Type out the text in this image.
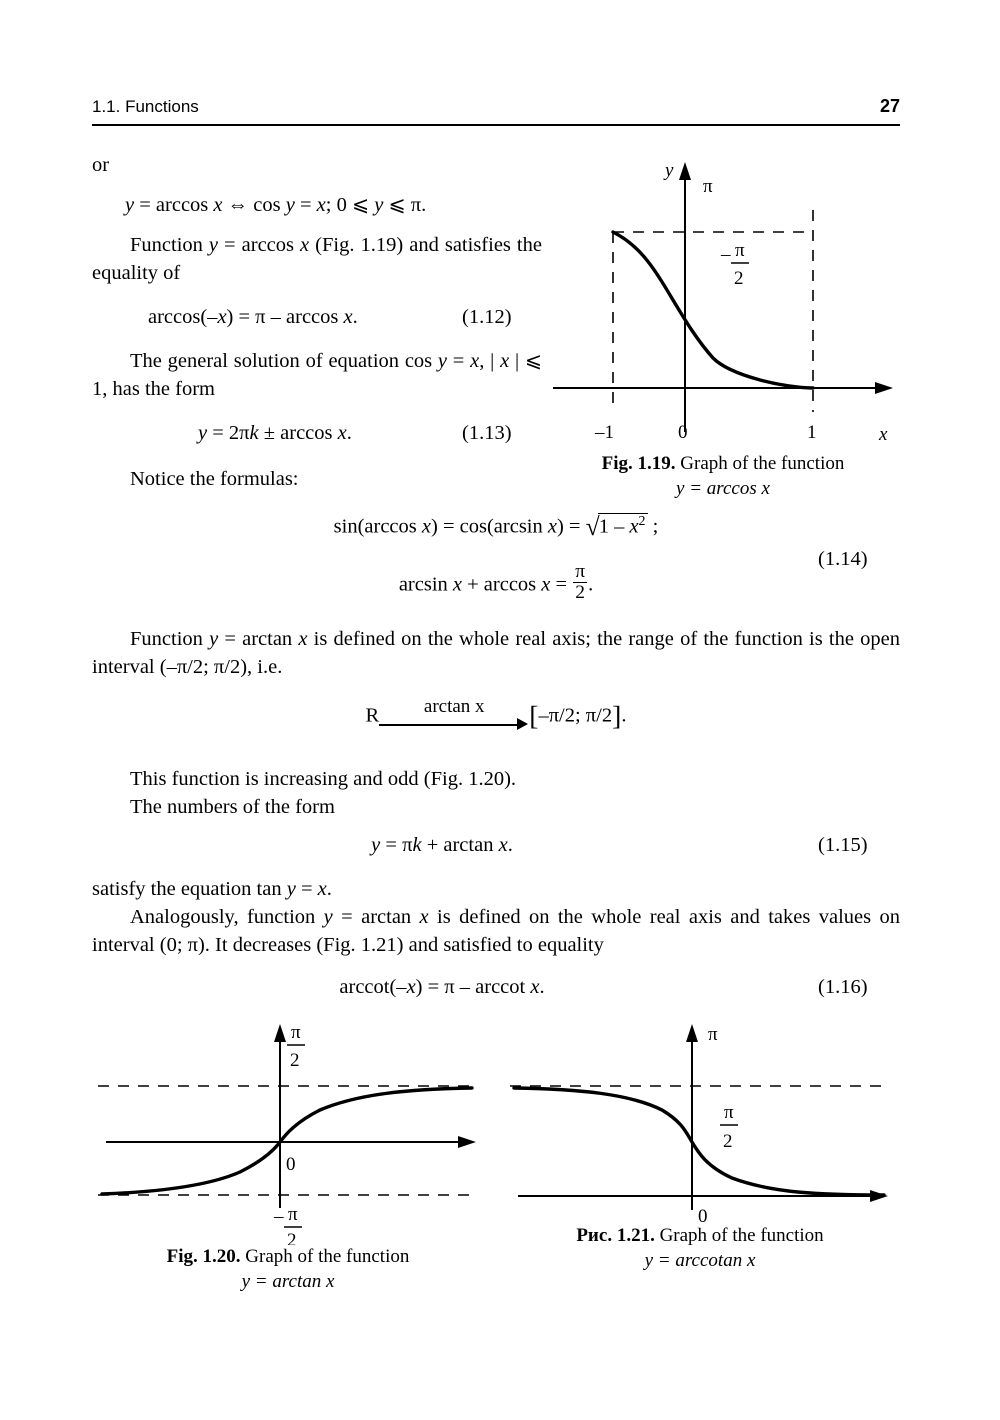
1.1. Functions	27
or
y = arccos x ⇔ cos y = x; 0 ⩽ y ⩽ π.
Function y = arccos x (Fig. 1.19) and satisfies the equality of
arccos(–x) = π – arccos x.	(1.12)
The general solution of equation cos y = x, | x | ⩽ 1, has the form
y = 2πk ± arccos x.	(1.13)
Notice the formulas:
y
π
x
–1	0	1
– π
2
Fig. 1.19. Graph of the function
y = arccos x
sin(arccos x) = cos(arcsin $x) = √1 - x^2$ ;
$\arcsin x + \arccos x = \frac{\pi}{2}$ .
(1.14)
Function y = arctan x is defined on the whole real axis; the range of the function is the open interval (–π/2; π/2), i.e.
R	arctan x	[–π/2; π/2].
This function is increasing and odd (Fig. 1.20).
The numbers of the form
y = πk + arctan x.	(1.15)
satisfy the equation tan y = x.
Analogously, function y = arctan x is defined on the whole real axis and takes values on interval (0; π). It decreases (Fig. 1.21) and satisfied to equality
arccot(–x) = π – arccot x.	(1.16)
π
2
0
– π
2
Fig. 1.20. Graph of the function
y = arctan x
π
π
2
0
Рис. 1.21. Graph of the function
y = arccotan x
